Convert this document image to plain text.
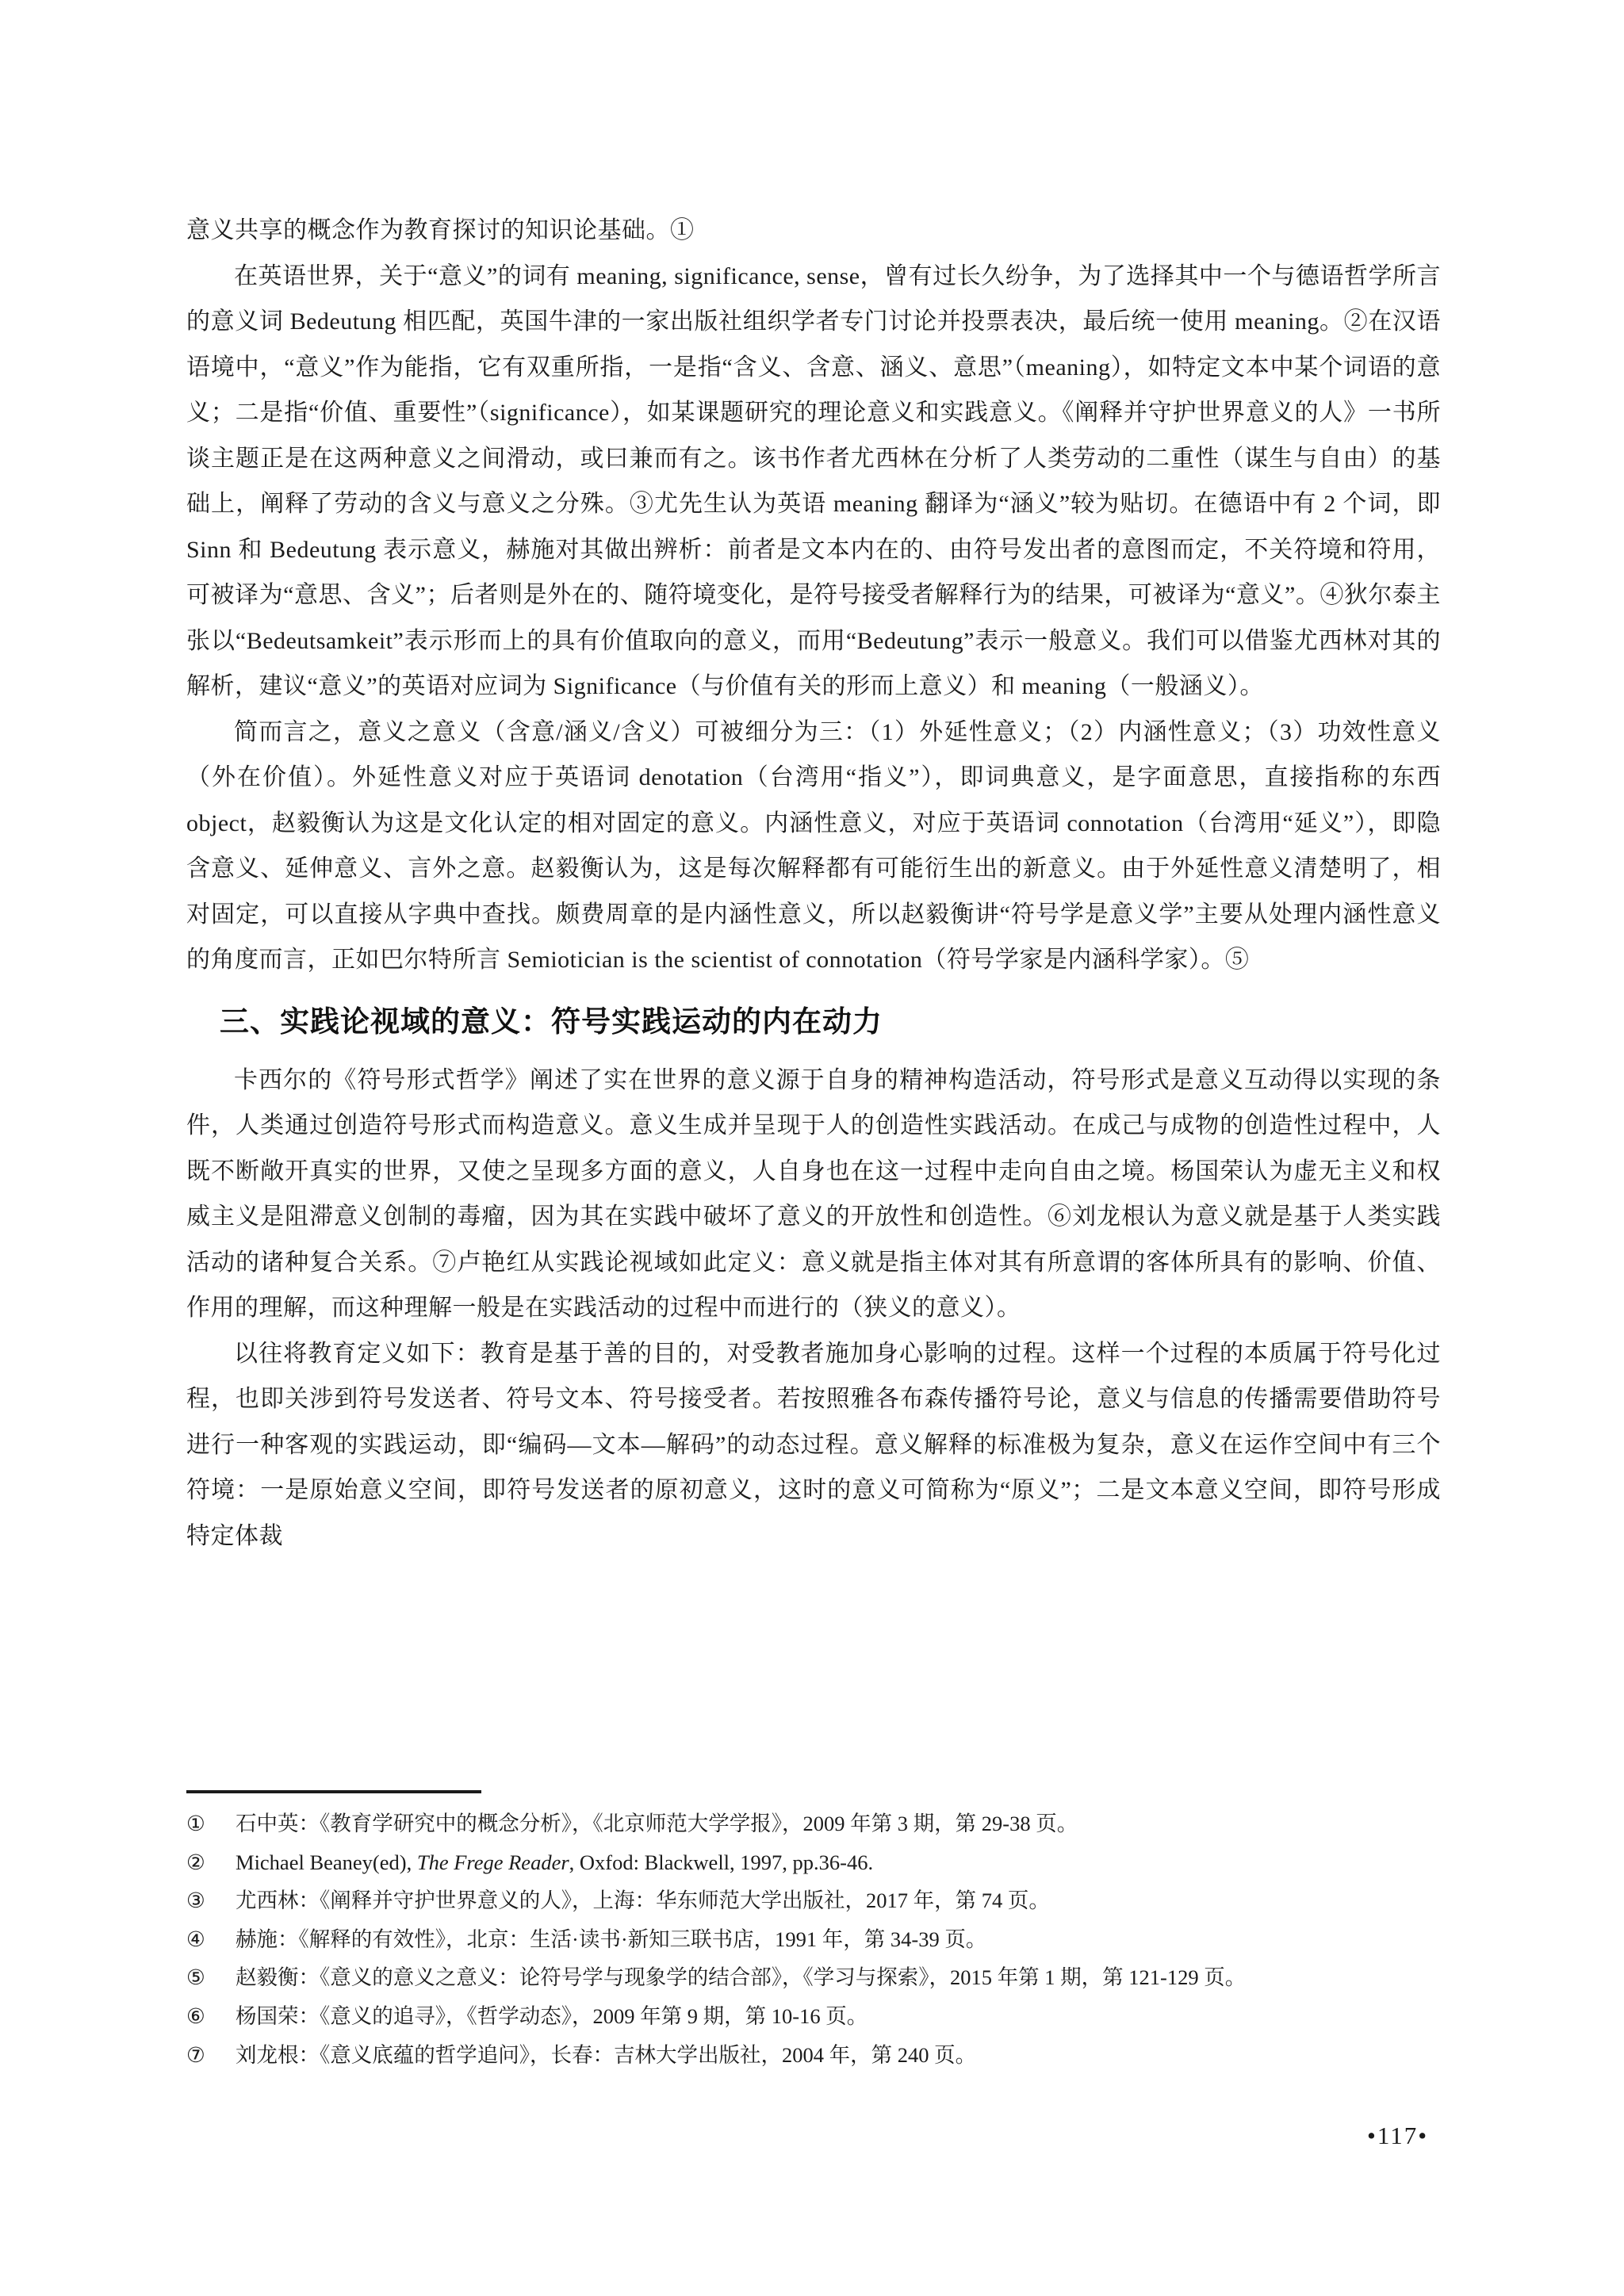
意义共享的概念作为教育探讨的知识论基础。①

在英语世界，关于“意义”的词有 meaning, significance, sense，曾有过长久纷争，为了选择其中一个与德语哲学所言的意义词 Bedeutung 相匹配，英国牛津的一家出版社组织学者专门讨论并投票表决，最后统一使用 meaning。②在汉语语境中，“意义”作为能指，它有双重所指，一是指“含义、含意、涵义、意思”（meaning），如特定文本中某个词语的意义；二是指“价值、重要性”（significance），如某课题研究的理论意义和实践意义。《阐释并守护世界意义的人》一书所谈主题正是在这两种意义之间滑动，或曰兼而有之。该书作者尤西林在分析了人类劳动的二重性（谋生与自由）的基础上，阐释了劳动的含义与意义之分殊。③尤先生认为英语 meaning 翻译为“涵义”较为贴切。在德语中有 2 个词，即 Sinn 和 Bedeutung 表示意义，赫施对其做出辨析：前者是文本内在的、由符号发出者的意图而定，不关符境和符用，可被译为“意思、含义”；后者则是外在的、随符境变化，是符号接受者解释行为的结果，可被译为“意义”。④狄尔泰主张以“Bedeutsamkeit”表示形而上的具有价值取向的意义，而用“Bedeutung”表示一般意义。我们可以借鉴尤西林对其的解析，建议“意义”的英语对应词为 Significance（与价值有关的形而上意义）和 meaning（一般涵义）。

简而言之，意义之意义（含意/涵义/含义）可被细分为三：（1）外延性意义；（2）内涵性意义；（3）功效性意义（外在价值）。外延性意义对应于英语词 denotation（台湾用“指义”），即词典意义，是字面意思，直接指称的东西 object，赵毅衡认为这是文化认定的相对固定的意义。内涵性意义，对应于英语词 connotation（台湾用“延义”），即隐含意义、延伸意义、言外之意。赵毅衡认为，这是每次解释都有可能衍生出的新意义。由于外延性意义清楚明了，相对固定，可以直接从字典中查找。颇费周章的是内涵性意义，所以赵毅衡讲“符号学是意义学”主要从处理内涵性意义的角度而言，正如巴尔特所言 Semiotician is the scientist of connotation（符号学家是内涵科学家）。⑤

三、实践论视域的意义：符号实践运动的内在动力

卡西尔的《符号形式哲学》阐述了实在世界的意义源于自身的精神构造活动，符号形式是意义互动得以实现的条件，人类通过创造符号形式而构造意义。意义生成并呈现于人的创造性实践活动。在成己与成物的创造性过程中，人既不断敞开真实的世界，又使之呈现多方面的意义，人自身也在这一过程中走向自由之境。杨国荣认为虚无主义和权威主义是阻滞意义创制的毒瘤，因为其在实践中破坏了意义的开放性和创造性。⑥刘龙根认为意义就是基于人类实践活动的诸种复合关系。⑦卢艳红从实践论视域如此定义：意义就是指主体对其有所意谓的客体所具有的影响、价值、作用的理解，而这种理解一般是在实践活动的过程中而进行的（狭义的意义）。

以往将教育定义如下：教育是基于善的目的，对受教者施加身心影响的过程。这样一个过程的本质属于符号化过程，也即关涉到符号发送者、符号文本、符号接受者。若按照雅各布森传播符号论，意义与信息的传播需要借助符号进行一种客观的实践运动，即“编码—文本—解码”的动态过程。意义解释的标准极为复杂，意义在运作空间中有三个符境：一是原始意义空间，即符号发送者的原初意义，这时的意义可简称为“原义”；二是文本意义空间，即符号形成特定体裁

① 石中英：《教育学研究中的概念分析》，《北京师范大学学报》，2009 年第 3 期，第 29-38 页。
② Michael Beaney(ed), The Frege Reader, Oxfod: Blackwell, 1997, pp.36-46.
③ 尤西林：《阐释并守护世界意义的人》，上海：华东师范大学出版社，2017 年，第 74 页。
④ 赫施：《解释的有效性》，北京：生活·读书·新知三联书店，1991 年，第 34-39 页。
⑤ 赵毅衡：《意义的意义之意义：论符号学与现象学的结合部》，《学习与探索》，2015 年第 1 期，第 121-129 页。
⑥ 杨国荣：《意义的追寻》，《哲学动态》，2009 年第 9 期，第 10-16 页。
⑦ 刘龙根：《意义底蕴的哲学追问》，长春：吉林大学出版社，2004 年，第 240 页。
•117•
